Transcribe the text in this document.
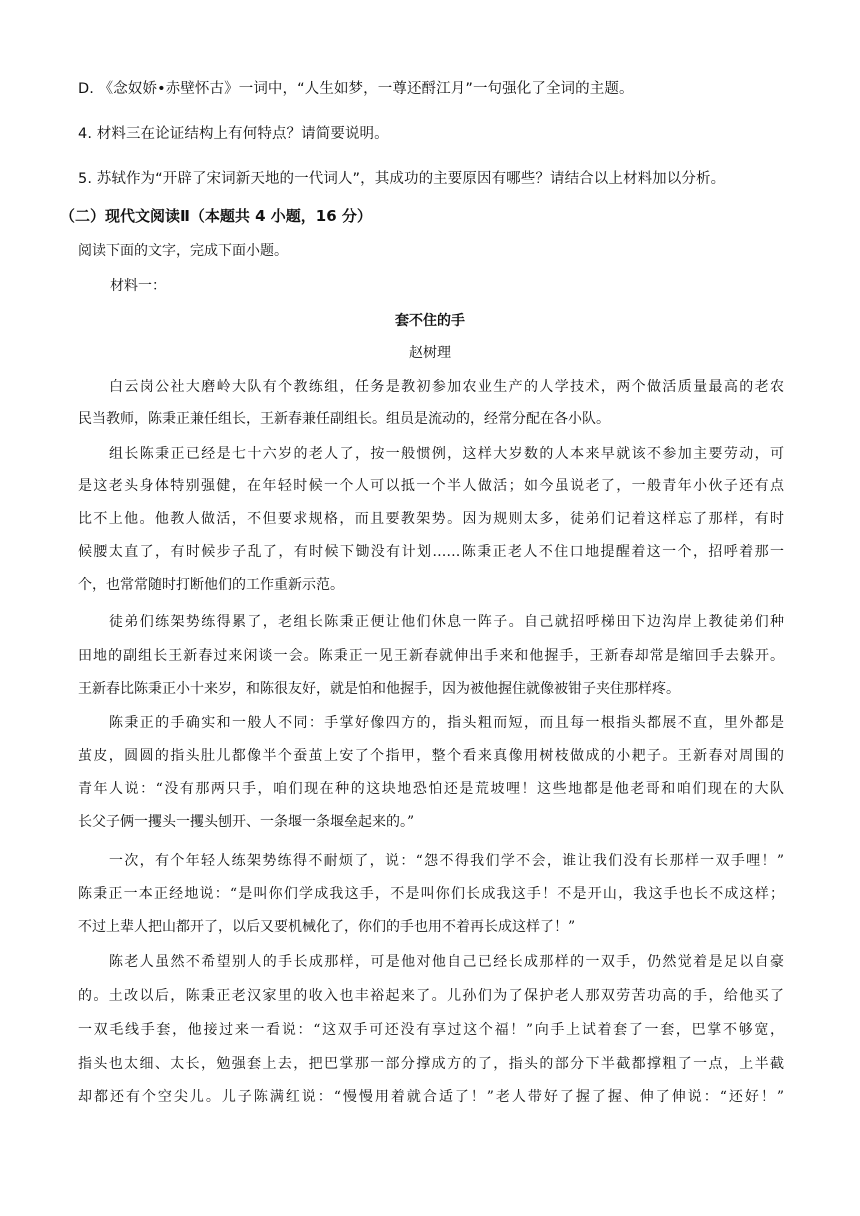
D. 《念奴娇•赤壁怀古》一词中，“人生如梦，一尊还酹江月”一句强化了全词的主题。
4. 材料三在论证结构上有何特点？请简要说明。
5. 苏轼作为“开辟了宋词新天地的一代词人”，其成功的主要原因有哪些？请结合以上材料加以分析。
（二）现代文阅读Ⅱ（本题共 4 小题，16 分）
阅读下面的文字，完成下面小题。
材料一：
套不住的手
赵树理
白云岗公社大磨岭大队有个教练组，任务是教初参加农业生产的人学技术，两个做活质量最高的老农
民当教师，陈秉正兼任组长，王新春兼任副组长。组员是流动的，经常分配在各小队。
组长陈秉正已经是七十六岁的老人了，按一般惯例，这样大岁数的人本来早就该不参加主要劳动，可
是这老头身体特别强健，在年轻时候一个人可以抵一个半人做活；如今虽说老了，一般青年小伙子还有点
比不上他。他教人做活，不但要求规格，而且要教架势。因为规则太多，徒弟们记着这样忘了那样，有时
候腰太直了，有时候步子乱了，有时候下锄没有计划……陈秉正老人不住口地提醒着这一个，招呼着那一
个，也常常随时打断他们的工作重新示范。
徒弟们练架势练得累了，老组长陈秉正便让他们休息一阵子。自己就招呼梯田下边沟岸上教徒弟们种
田地的副组长王新春过来闲谈一会。陈秉正一见王新春就伸出手来和他握手，王新春却常是缩回手去躲开。
王新春比陈秉正小十来岁，和陈很友好，就是怕和他握手，因为被他握住就像被钳子夹住那样疼。
陈秉正的手确实和一般人不同：手掌好像四方的，指头粗而短，而且每一根指头都展不直，里外都是
茧皮，圆圆的指头肚儿都像半个蚕茧上安了个指甲，整个看来真像用树枝做成的小耙子。王新春对周围的
青年人说：“没有那两只手，咱们现在种的这块地恐怕还是荒坡哩！这些地都是他老哥和咱们现在的大队
长父子俩一攫头一攫头刨开、一条堰一条堰垒起来的。”
一次，有个年轻人练架势练得不耐烦了，说：“怨不得我们学不会，谁让我们没有长那样一双手哩！”
陈秉正一本正经地说：“是叫你们学成我这手，不是叫你们长成我这手！不是开山，我这手也长不成这样；
不过上辈人把山都开了，以后又要机械化了，你们的手也用不着再长成这样了！”
陈老人虽然不希望别人的手长成那样，可是他对他自己已经长成那样的一双手，仍然觉着是足以自豪
的。土改以后，陈秉正老汉家里的收入也丰裕起来了。儿孙们为了保护老人那双劳苦功高的手，给他买了
一双毛线手套，他接过来一看说：“这双手可还没有享过这个福！”向手上试着套了一套，巴掌不够宽，
指头也太细、太长，勉强套上去，把巴掌那一部分撑成方的了，指头的部分下半截都撑粗了一点，上半截
却都还有个空尖儿。儿子陈满红说：“慢慢用着就合适了！”老人带好了握了握、伸了伸说：“还好！”
